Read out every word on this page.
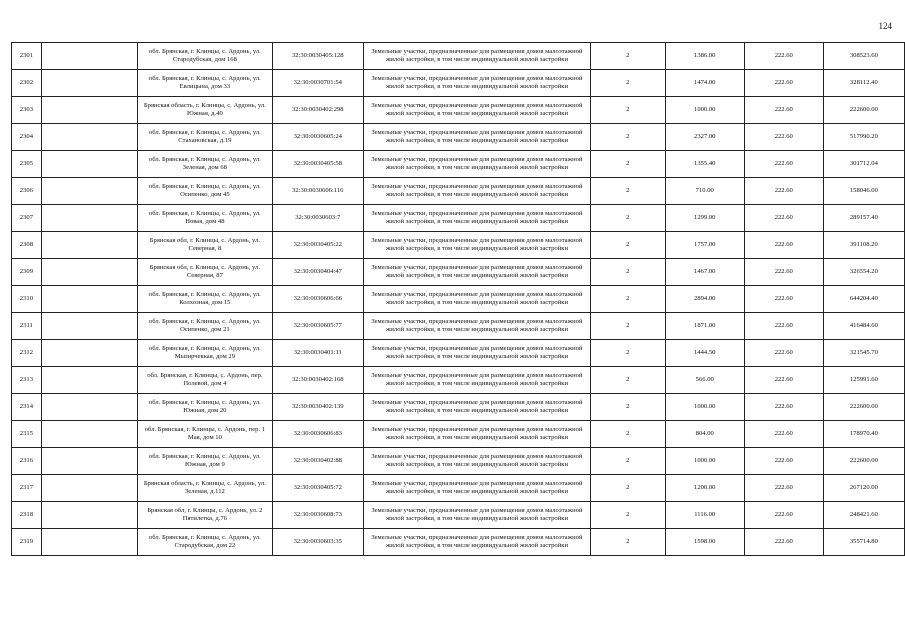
124
2301		обл. Брянская, г. Клинцы, с. Ардонь, ул. Стародубская, дом 168	32:30:0030405:128	Земельные участки, предназначенные для размещения домов малоэтажной жилой застройки, в том числе индивидуальной жилой застройки	2	1386.00	222.60	308523.60
2302		обл. Брянская, г. Клинцы, с. Ардонь, ул. Евлицына, дом 33	32:30:0030701:54	Земельные участки, предназначенные для размещения домов малоэтажной жилой застройки, в том числе индивидуальной жилой застройки	2	1474.00	222.60	328112.40
2303		Брянская область, г. Клинцы, с. Ардонь, ул. Южная, д.40	32:30:0030402:298	Земельные участки, предназначенные для размещения домов малоэтажной жилой застройки, в том числе индивидуальной жилой застройки	2	1000.00	222.60	222600.00
2304		обл. Брянская, г. Клинцы, с. Ардонь, ул. Стахановская, д.19	32:30:0030605:24	Земельные участки, предназначенные для размещения домов малоэтажной жилой застройки, в том числе индивидуальной жилой застройки	2	2327.00	222.60	517990.20
2305		обл. Брянская, г. Клинцы, с. Ардонь, ул. Зеленая, дом 68	32:30:0030405:58	Земельные участки, предназначенные для размещения домов малоэтажной жилой застройки, в том числе индивидуальной жилой застройки	2	1355.40	222.60	301712.04
2306		обл. Брянская, г. Клинцы, с. Ардонь, ул. Осипенко, дом 45	32:30:0030606:116	Земельные участки, предназначенные для размещения домов малоэтажной жилой застройки, в том числе индивидуальной жилой застройки	2	710.00	222.60	158046.00
2307		обл. Брянская, г. Клинцы, с. Ардонь, ул. Новая, дом 48	32:30:0030603:7	Земельные участки, предназначенные для размещения домов малоэтажной жилой застройки, в том числе индивидуальной жилой застройки	2	1299.00	222.60	289157.40
2308		Брянская обл, г. Клинцы, с. Ардонь, ул. Северная, 8	32:30:0030405:22	Земельные участки, предназначенные для размещения домов малоэтажной жилой застройки, в том числе индивидуальной жилой застройки	2	1757.00	222.60	391108.20
2309		Брянская обл, г. Клинцы, с. Ардонь, ул. Северная, 87	32:30:0030404:47	Земельные участки, предназначенные для размещения домов малоэтажной жилой застройки, в том числе индивидуальной жилой застройки	2	1467.00	222.60	326554.20
2310		обл. Брянская, г. Клинцы, с. Ардонь, ул. Колхозная, дом 15	32:30:0030606:66	Земельные участки, предназначенные для размещения домов малоэтажной жилой застройки, в том числе индивидуальной жилой застройки	2	2894.00	222.60	644204.40
2311		обл. Брянская, г. Клинцы, с. Ардонь, ул. Осипенко, дом 21	32:30:0030605:77	Земельные участки, предназначенные для размещения домов малоэтажной жилой застройки, в том числе индивидуальной жилой застройки	2	1871.00	222.60	416484.60
2312		обл. Брянская, г. Клинцы, с. Ардонь, ул. Мызирчеккая, дом 29	32:30:0030401:11	Земельные участки, предназначенные для размещения домов малоэтажной жилой застройки, в том числе индивидуальной жилой застройки	2	1444.50	222.60	321545.70
2313		обл. Брянская, г. Клинцы, с. Ардонь, пер. Полевой, дом 4	32:30:0030402:168	Земельные участки, предназначенные для размещения домов малоэтажной жилой застройки, в том числе индивидуальной жилой застройки	2	566.00	222.60	125991.60
2314		обл. Брянская, г. Клинцы, с. Ардонь, ул. Южная, дом 20	32:30:0030402:139	Земельные участки, предназначенные для размещения домов малоэтажной жилой застройки, в том числе индивидуальной жилой застройки	2	1000.00	222.60	222600.00
2315		обл. Брянская, г. Клинцы, с. Ардонь, пер. 1 Мая, дом 10	32:30:0030606:83	Земельные участки, предназначенные для размещения домов малоэтажной жилой застройки, в том числе индивидуальной жилой застройки	2	804.00	222.60	178970.40
2316		обл. Брянская, г. Клинцы, с. Ардонь, ул. Южная, дом 9	32:30:0030402:88	Земельные участки, предназначенные для размещения домов малоэтажной жилой застройки, в том числе индивидуальной жилой застройки	2	1000.00	222.60	222600.00
2317		Брянская область, г. Клинцы, с. Ардонь, ул. Зеленая, д.112	32:30:0030405:72	Земельные участки, предназначенные для размещения домов малоэтажной жилой застройки, в том числе индивидуальной жилой застройки	2	1200.00	222.60	267120.00
2318		Брянская обл, г. Клинцы, с. Ардонь, ул. 2 Пятилетка, д.76	32:30:0030608:73	Земельные участки, предназначенные для размещения домов малоэтажной жилой застройки, в том числе индивидуальной жилой застройки	2	1116.00	222.60	248421.60
2319		обл. Брянская, г. Клинцы, с. Ардонь, ул. Стародубская, дом 22	32:30:0030603:35	Земельные участки, предназначенные для размещения домов малоэтажной жилой застройки, в том числе индивидуальной жилой застройки	2	1598.00	222.60	355714.80
